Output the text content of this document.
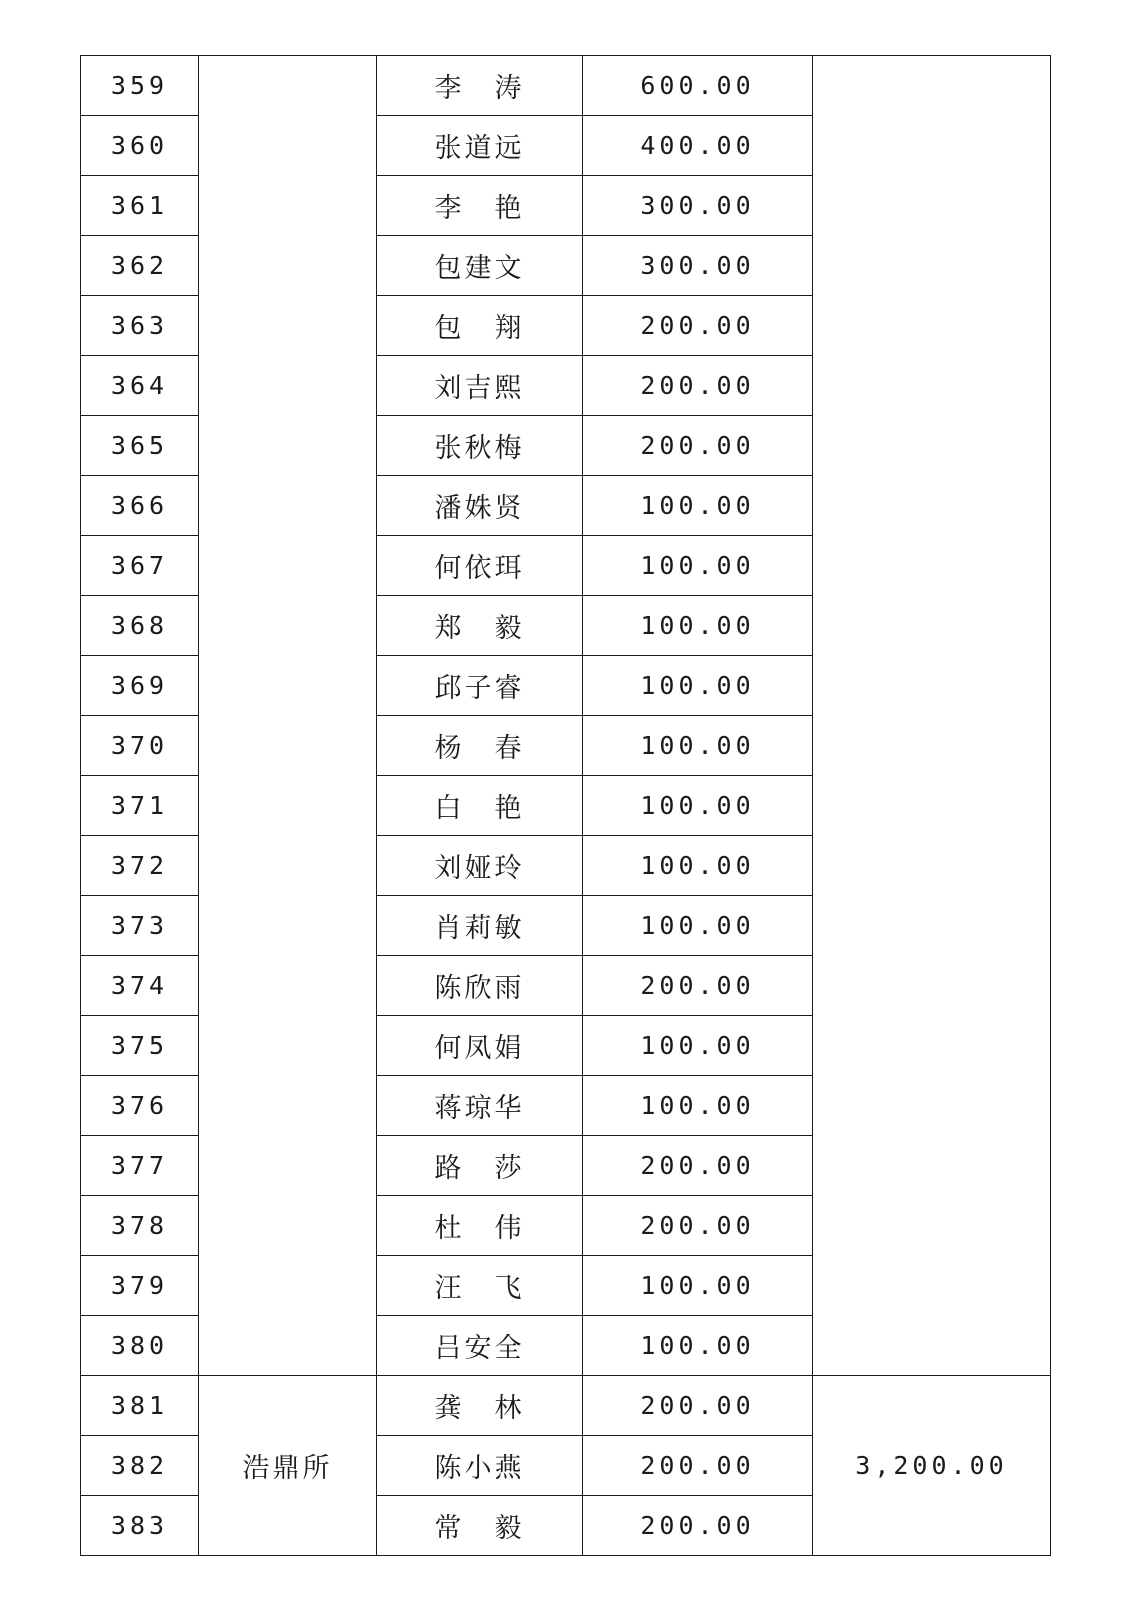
359		李　涛	600.00	
360		张道远	400.00	
361		李　艳	300.00	
362		包建文	300.00	
363		包　翔	200.00	
364		刘吉熙	200.00	
365		张秋梅	200.00	
366		潘姝贤	100.00	
367		何依珥	100.00	
368		郑　毅	100.00	
369		邱子睿	100.00	
370		杨　春	100.00	
371		白　艳	100.00	
372		刘娅玲	100.00	
373		肖莉敏	100.00	
374		陈欣雨	200.00	
375		何凤娟	100.00	
376		蒋琼华	100.00	
377		路　莎	200.00	
378		杜　伟	200.00	
379		汪　飞	100.00	
380		吕安全	100.00	
381	浩鼎所	龚　林	200.00	3,200.00
382		陈小燕	200.00	
383		常　毅	200.00	
